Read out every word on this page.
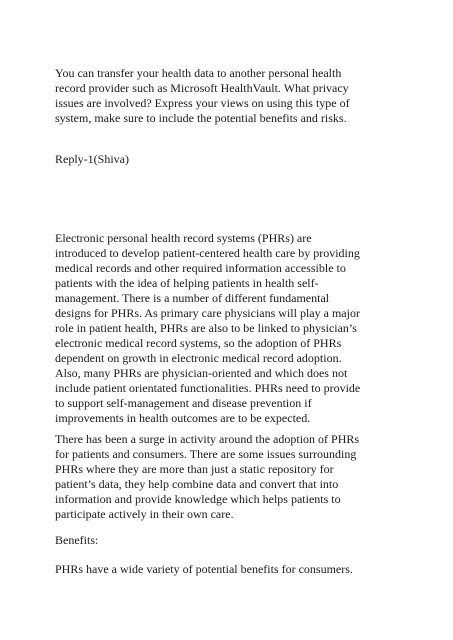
You can transfer your health data to another personal health
record provider such as Microsoft HealthVault. What privacy
issues are involved? Express your views on using this type of
system, make sure to include the potential benefits and risks.
Reply-1(Shiva)
Electronic personal health record systems (PHRs) are
introduced to develop patient-centered health care by providing
medical records and other required information accessible to
patients with the idea of helping patients in health self-
management. There is a number of different fundamental
designs for PHRs. As primary care physicians will play a major
role in patient health, PHRs are also to be linked to physician’s
electronic medical record systems, so the adoption of PHRs
dependent on growth in electronic medical record adoption.
Also, many PHRs are physician-oriented and which does not
include patient orientated functionalities. PHRs need to provide
to support self-management and disease prevention if
improvements in health outcomes are to be expected.
There has been a surge in activity around the adoption of PHRs
for patients and consumers. There are some issues surrounding
PHRs where they are more than just a static repository for
patient’s data, they help combine data and convert that into
information and provide knowledge which helps patients to
participate actively in their own care.
Benefits:
PHRs have a wide variety of potential benefits for consumers.
